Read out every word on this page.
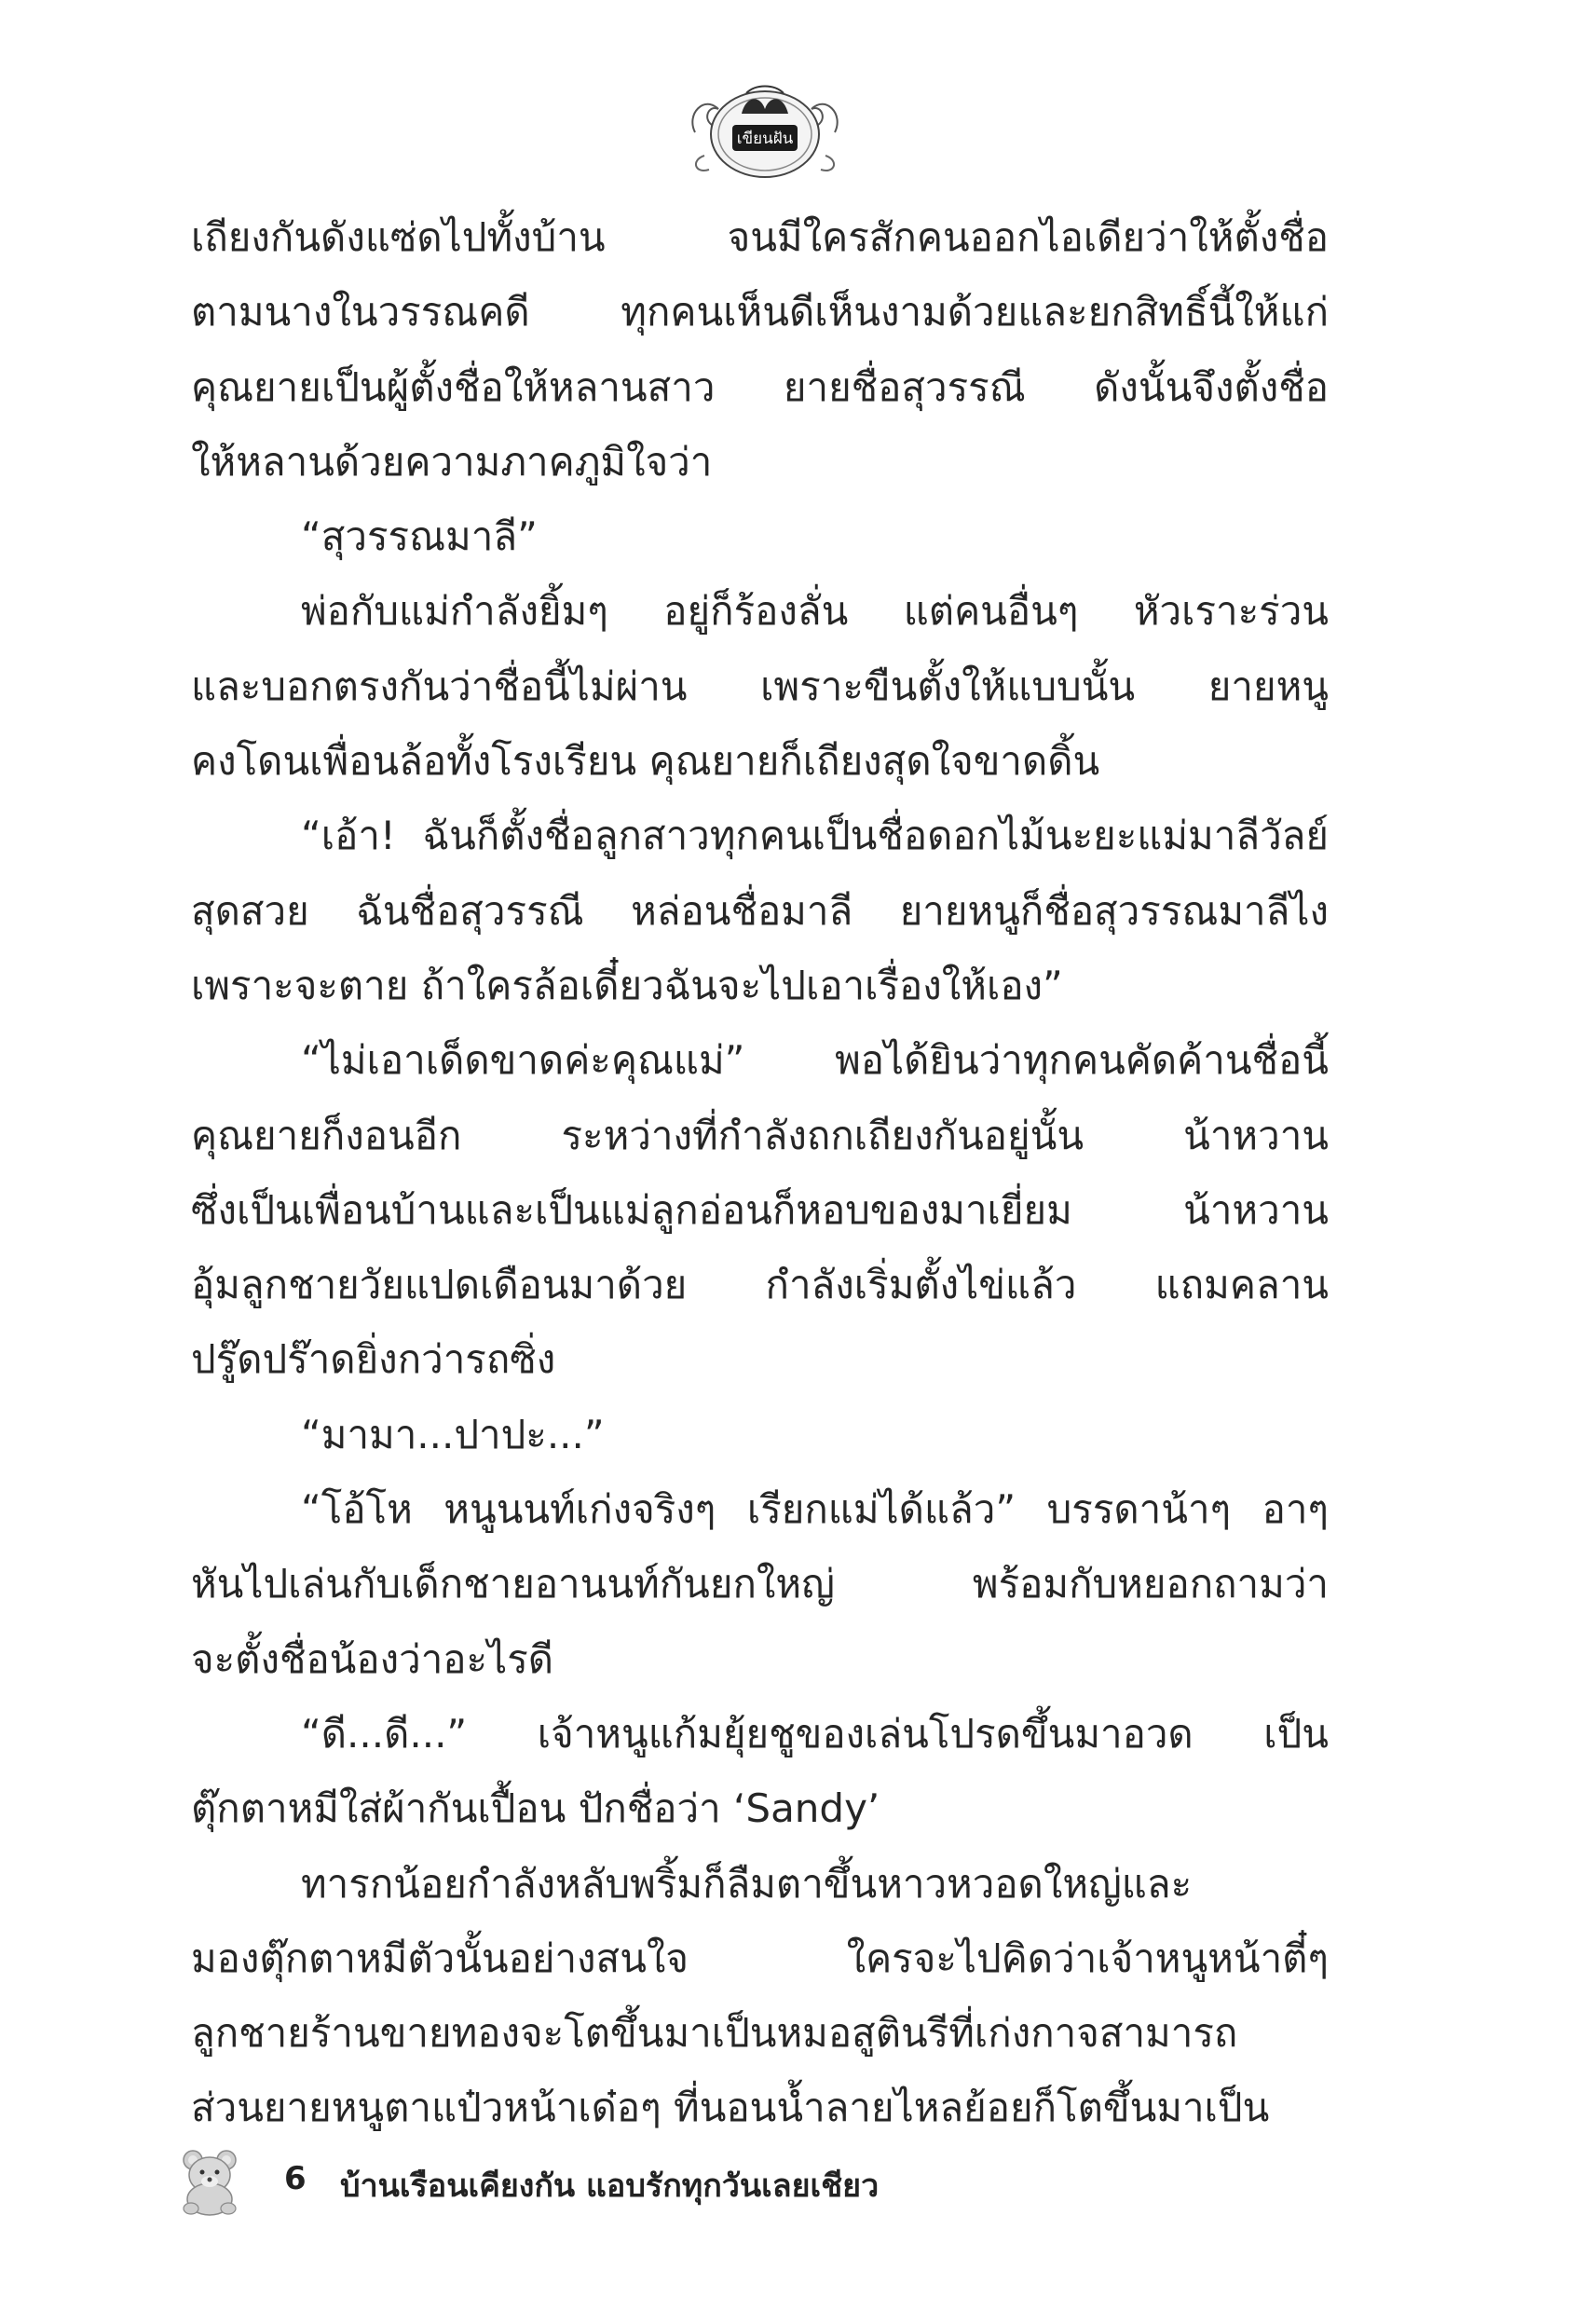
เขียนฝัน

เถียงกันดังแซ่ดไปทั้งบ้าน จนมีใครสักคนออกไอเดียว่าให้ตั้งชื่อ

ตามนางในวรรณคดี ทุกคนเห็นดีเห็นงามด้วยและยกสิทธิ์นี้ให้แก่

คุณยายเป็นผู้ตั้งชื่อให้หลานสาว ยายชื่อสุวรรณี ดังนั้นจึงตั้งชื่อ

ให้หลานด้วยความภาคภูมิใจว่า

“สุวรรณมาลี”

พ่อกับแม่กำลังยิ้มๆ อยู่ก็ร้องลั่น แต่คนอื่นๆ หัวเราะร่วน

และบอกตรงกันว่าชื่อนี้ไม่ผ่าน เพราะขืนตั้งให้แบบนั้น ยายหนู

คงโดนเพื่อนล้อทั้งโรงเรียน คุณยายก็เถียงสุดใจขาดดิ้น

“เอ้า! ฉันก็ตั้งชื่อลูกสาวทุกคนเป็นชื่อดอกไม้นะยะแม่มาลีวัลย์

สุดสวย ฉันชื่อสุวรรณี หล่อนชื่อมาลี ยายหนูก็ชื่อสุวรรณมาลีไง

เพราะจะตาย ถ้าใครล้อเดี๋ยวฉันจะไปเอาเรื่องให้เอง”

“ไม่เอาเด็ดขาดค่ะคุณแม่” พอได้ยินว่าทุกคนคัดค้านชื่อนี้

คุณยายก็งอนอีก ระหว่างที่กำลังถกเถียงกันอยู่นั้น น้าหวาน

ซึ่งเป็นเพื่อนบ้านและเป็นแม่ลูกอ่อนก็หอบของมาเยี่ยม น้าหวาน

อุ้มลูกชายวัยแปดเดือนมาด้วย กำลังเริ่มตั้งไข่แล้ว แถมคลาน

ปรู๊ดปร๊าดยิ่งกว่ารถซิ่ง

“มามา...ปาปะ...”

“โอ้โห หนูนนท์เก่งจริงๆ เรียกแม่ได้แล้ว” บรรดาน้าๆ อาๆ

หันไปเล่นกับเด็กชายอานนท์กันยกใหญ่ พร้อมกับหยอกถามว่า

จะตั้งชื่อน้องว่าอะไรดี

“ดี...ดี...” เจ้าหนูแก้มยุ้ยชูของเล่นโปรดขึ้นมาอวด เป็น

ตุ๊กตาหมีใส่ผ้ากันเปื้อน ปักชื่อว่า ‘Sandy’

ทารกน้อยกำลังหลับพริ้มก็ลืมตาขึ้นหาวหวอดใหญ่และ

มองตุ๊กตาหมีตัวนั้นอย่างสนใจ ใครจะไปคิดว่าเจ้าหนูหน้าตี๋ๆ

ลูกชายร้านขายทองจะโตขึ้นมาเป็นหมอสูตินรีที่เก่งกาจสามารถ

ส่วนยายหนูตาแป๋วหน้าเด๋อๆ ที่นอนน้ำลายไหลย้อยก็โตขึ้นมาเป็น

6 บ้านเรือนเคียงกัน แอบรักทุกวันเลยเชียว
